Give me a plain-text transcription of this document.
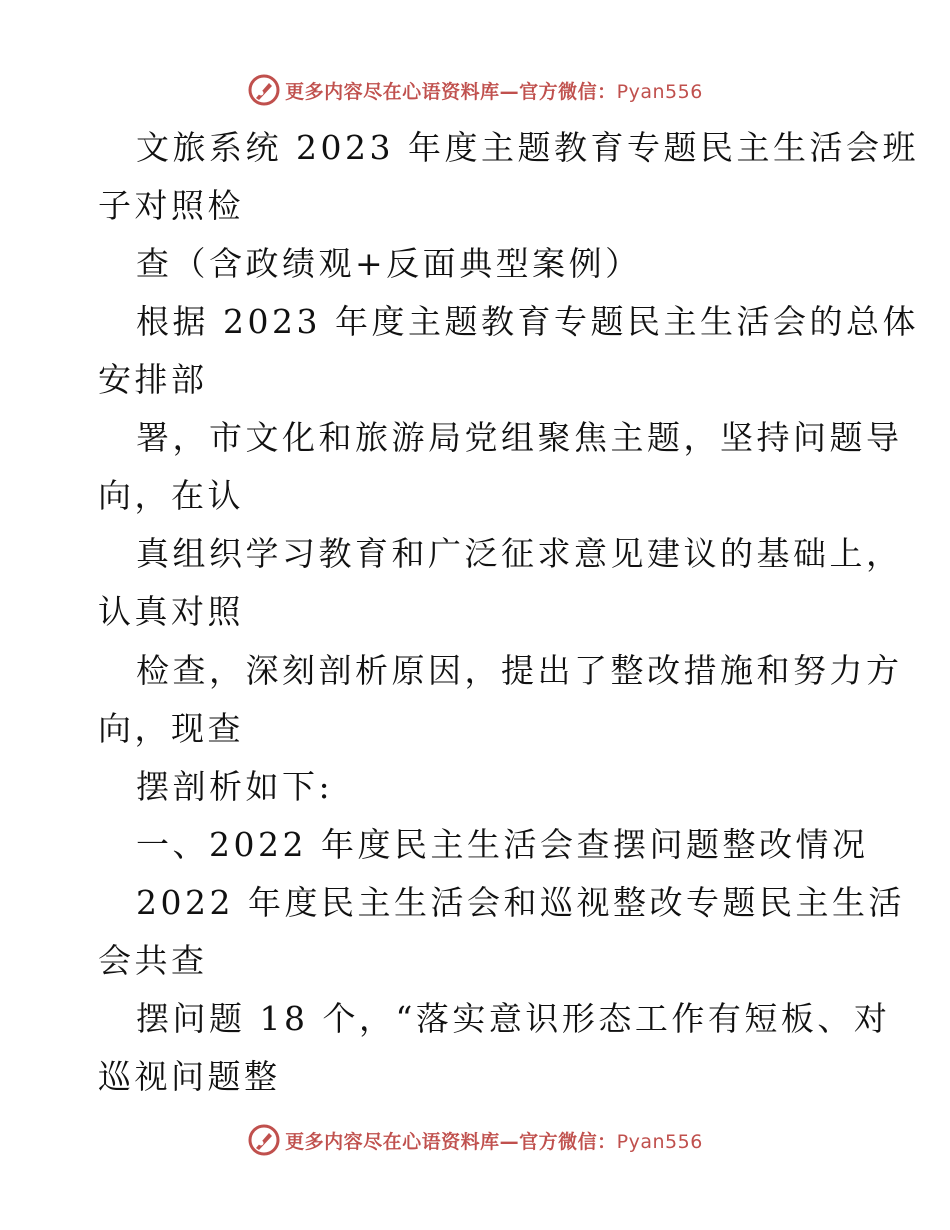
更多内容尽在心语资料库—官方微信：Pyan556
文旅系统 2023 年度主题教育专题民主生活会班
子对照检
查（含政绩观+反面典型案例）
根据 2023 年度主题教育专题民主生活会的总体
安排部
署，市文化和旅游局党组聚焦主题，坚持问题导
向，在认
真组织学习教育和广泛征求意见建议的基础上，
认真对照
检查，深刻剖析原因，提出了整改措施和努力方
向，现查
摆剖析如下:
一、2022 年度民主生活会查摆问题整改情况
2022 年度民主生活会和巡视整改专题民主生活
会共查
摆问题 18 个，“落实意识形态工作有短板、对
巡视问题整
更多内容尽在心语资料库—官方微信：Pyan556
